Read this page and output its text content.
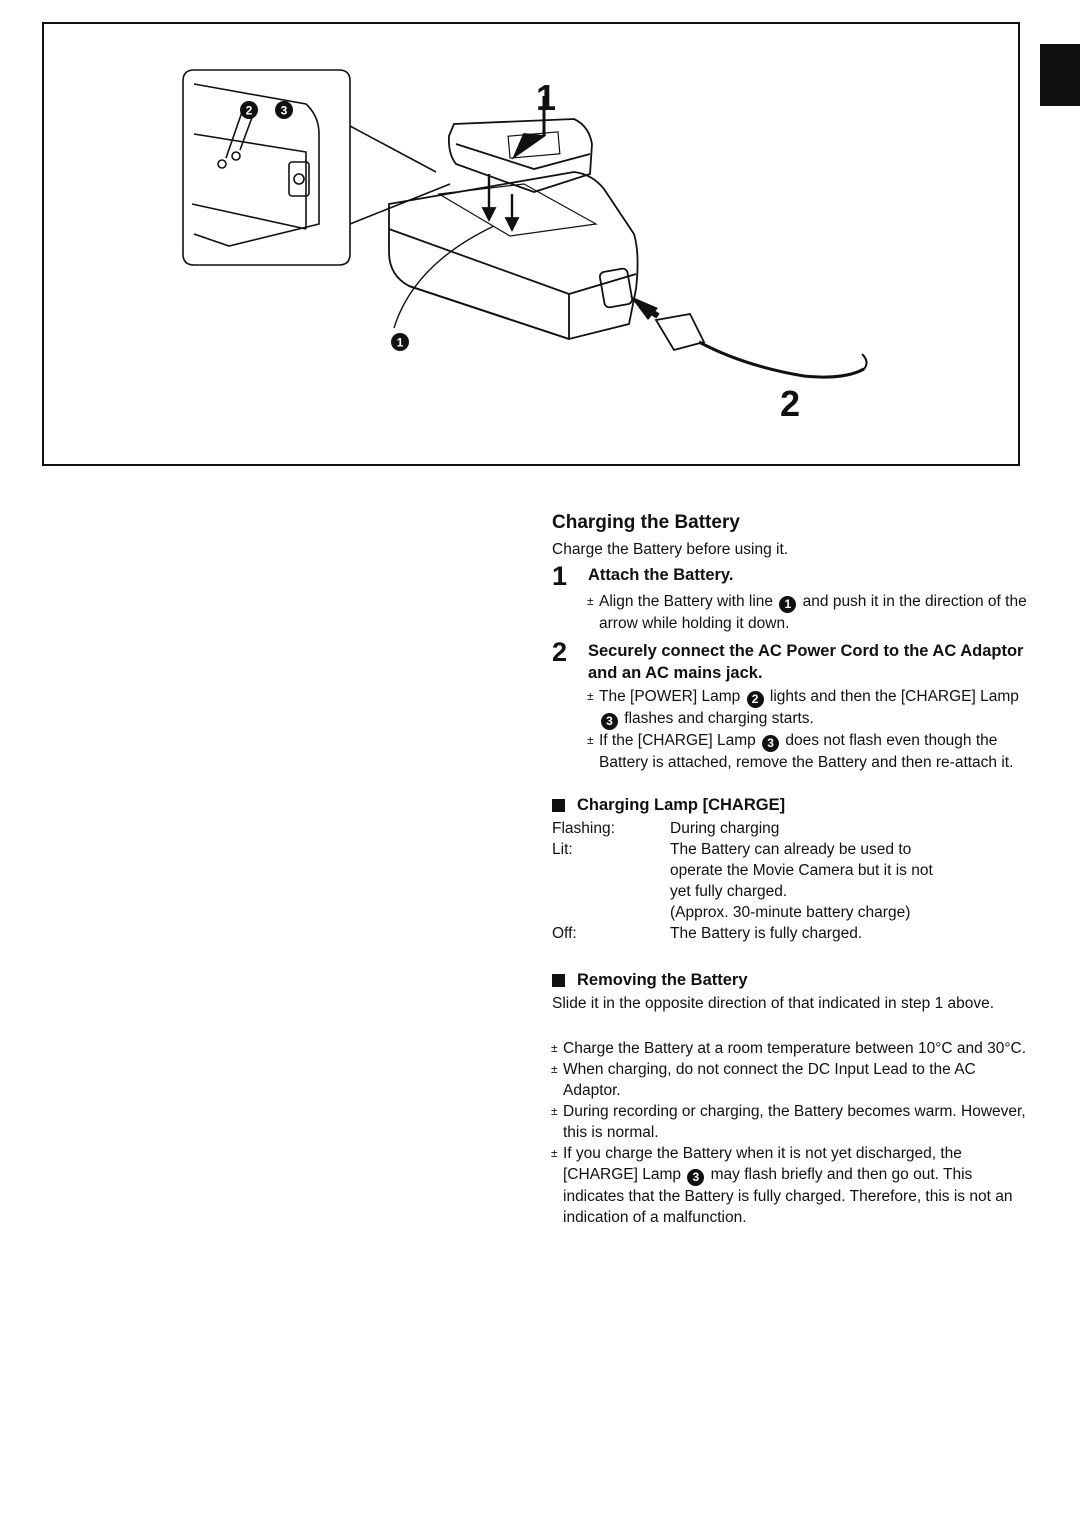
1
2
1
2 3
Charging the Battery
Charge the Battery before using it.
1	Attach the Battery.
± Align the Battery with line 1 and push it in the direction of the arrow while holding it down.
2	Securely connect the AC Power Cord to the AC Adaptor and an AC mains jack.
± The [POWER] Lamp 2 lights and then the [CHARGE] Lamp 3 flashes and charging starts.
± If the [CHARGE] Lamp 3 does not flash even though the Battery is attached, remove the Battery and then re-attach it.
Charging Lamp [CHARGE]
Flashing:	During charging

Lit:	The Battery can already be used to
operate the Movie Camera but it is not
yet fully charged.
(Approx. 30-minute battery charge)

Off:	The Battery is fully charged.
Removing the Battery
Slide it in the opposite direction of that indicated in step 1 above.
± Charge the Battery at a room temperature between 10°C and 30°C.
± When charging, do not connect the DC Input Lead to the AC Adaptor.
± During recording or charging, the Battery becomes warm. However, this is normal.
± If you charge the Battery when it is not yet discharged, the [CHARGE] Lamp 3 may flash briefly and then go out. This indicates that the Battery is fully charged. Therefore, this is not an indication of a malfunction.
